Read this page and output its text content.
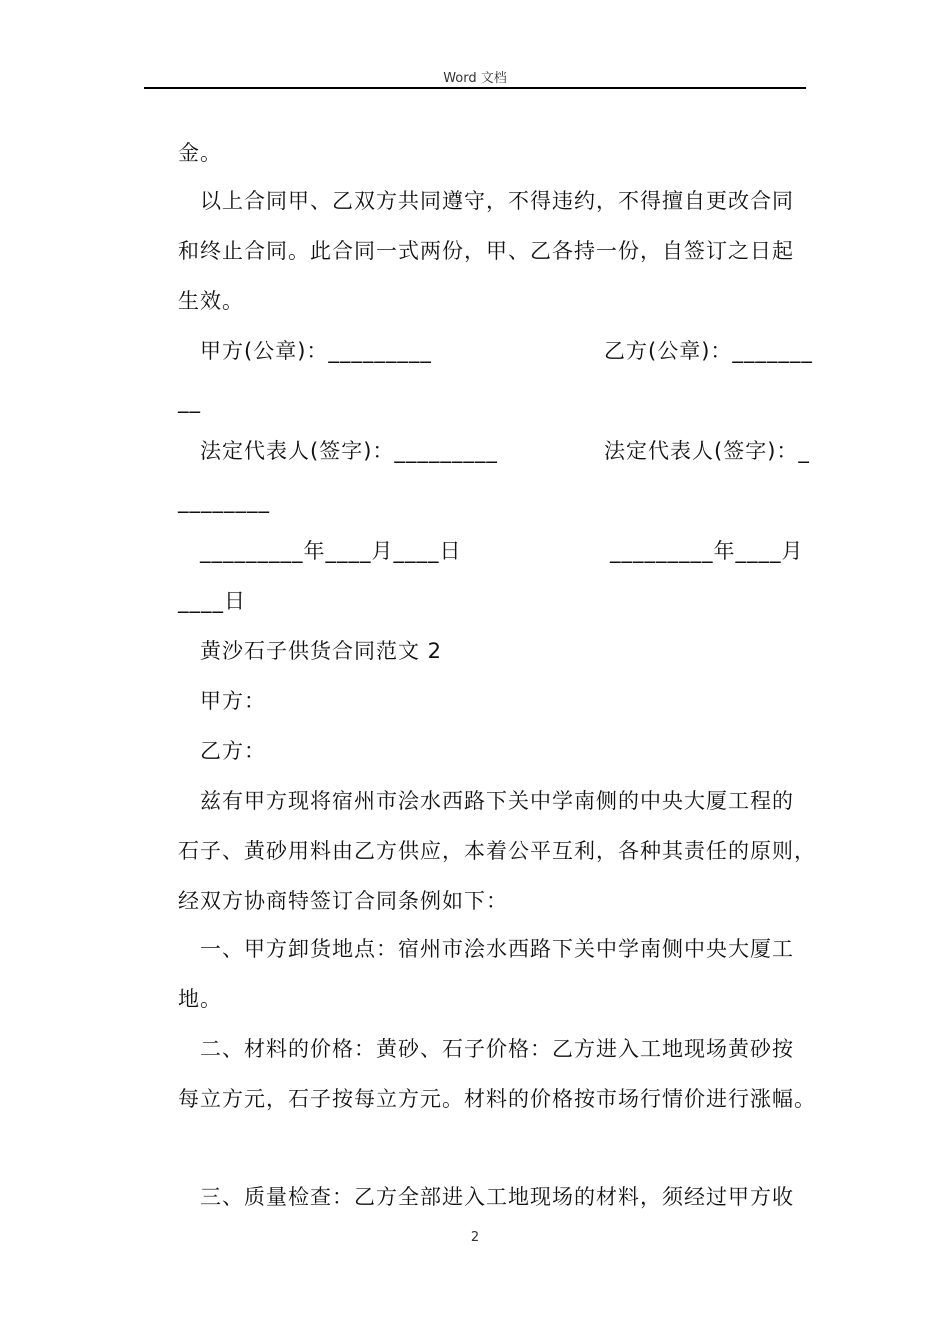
Word 文档
金。
以上合同甲、乙双方共同遵守，不得违约，不得擅自更改合同
和终止合同。此合同一式两份，甲、乙各持一份，自签订之日起
生效。
甲方(公章)：_________	乙方(公章)：_______
__
法定代表人(签字)：_________	法定代表人(签字)：_
________
_________年____月____日	_________年____月
____日
黄沙石子供货合同范文 2
甲方：
乙方：
兹有甲方现将宿州市浍水西路下关中学南侧的中央大厦工程的
石子、黄砂用料由乙方供应，本着公平互利，各种其责任的原则，
经双方协商特签订合同条例如下：
一、甲方卸货地点：宿州市浍水西路下关中学南侧中央大厦工
地。
二、材料的价格：黄砂、石子价格：乙方进入工地现场黄砂按
每立方元，石子按每立方元。材料的价格按市场行情价进行涨幅。
三、质量检查：乙方全部进入工地现场的材料，须经过甲方收
2
